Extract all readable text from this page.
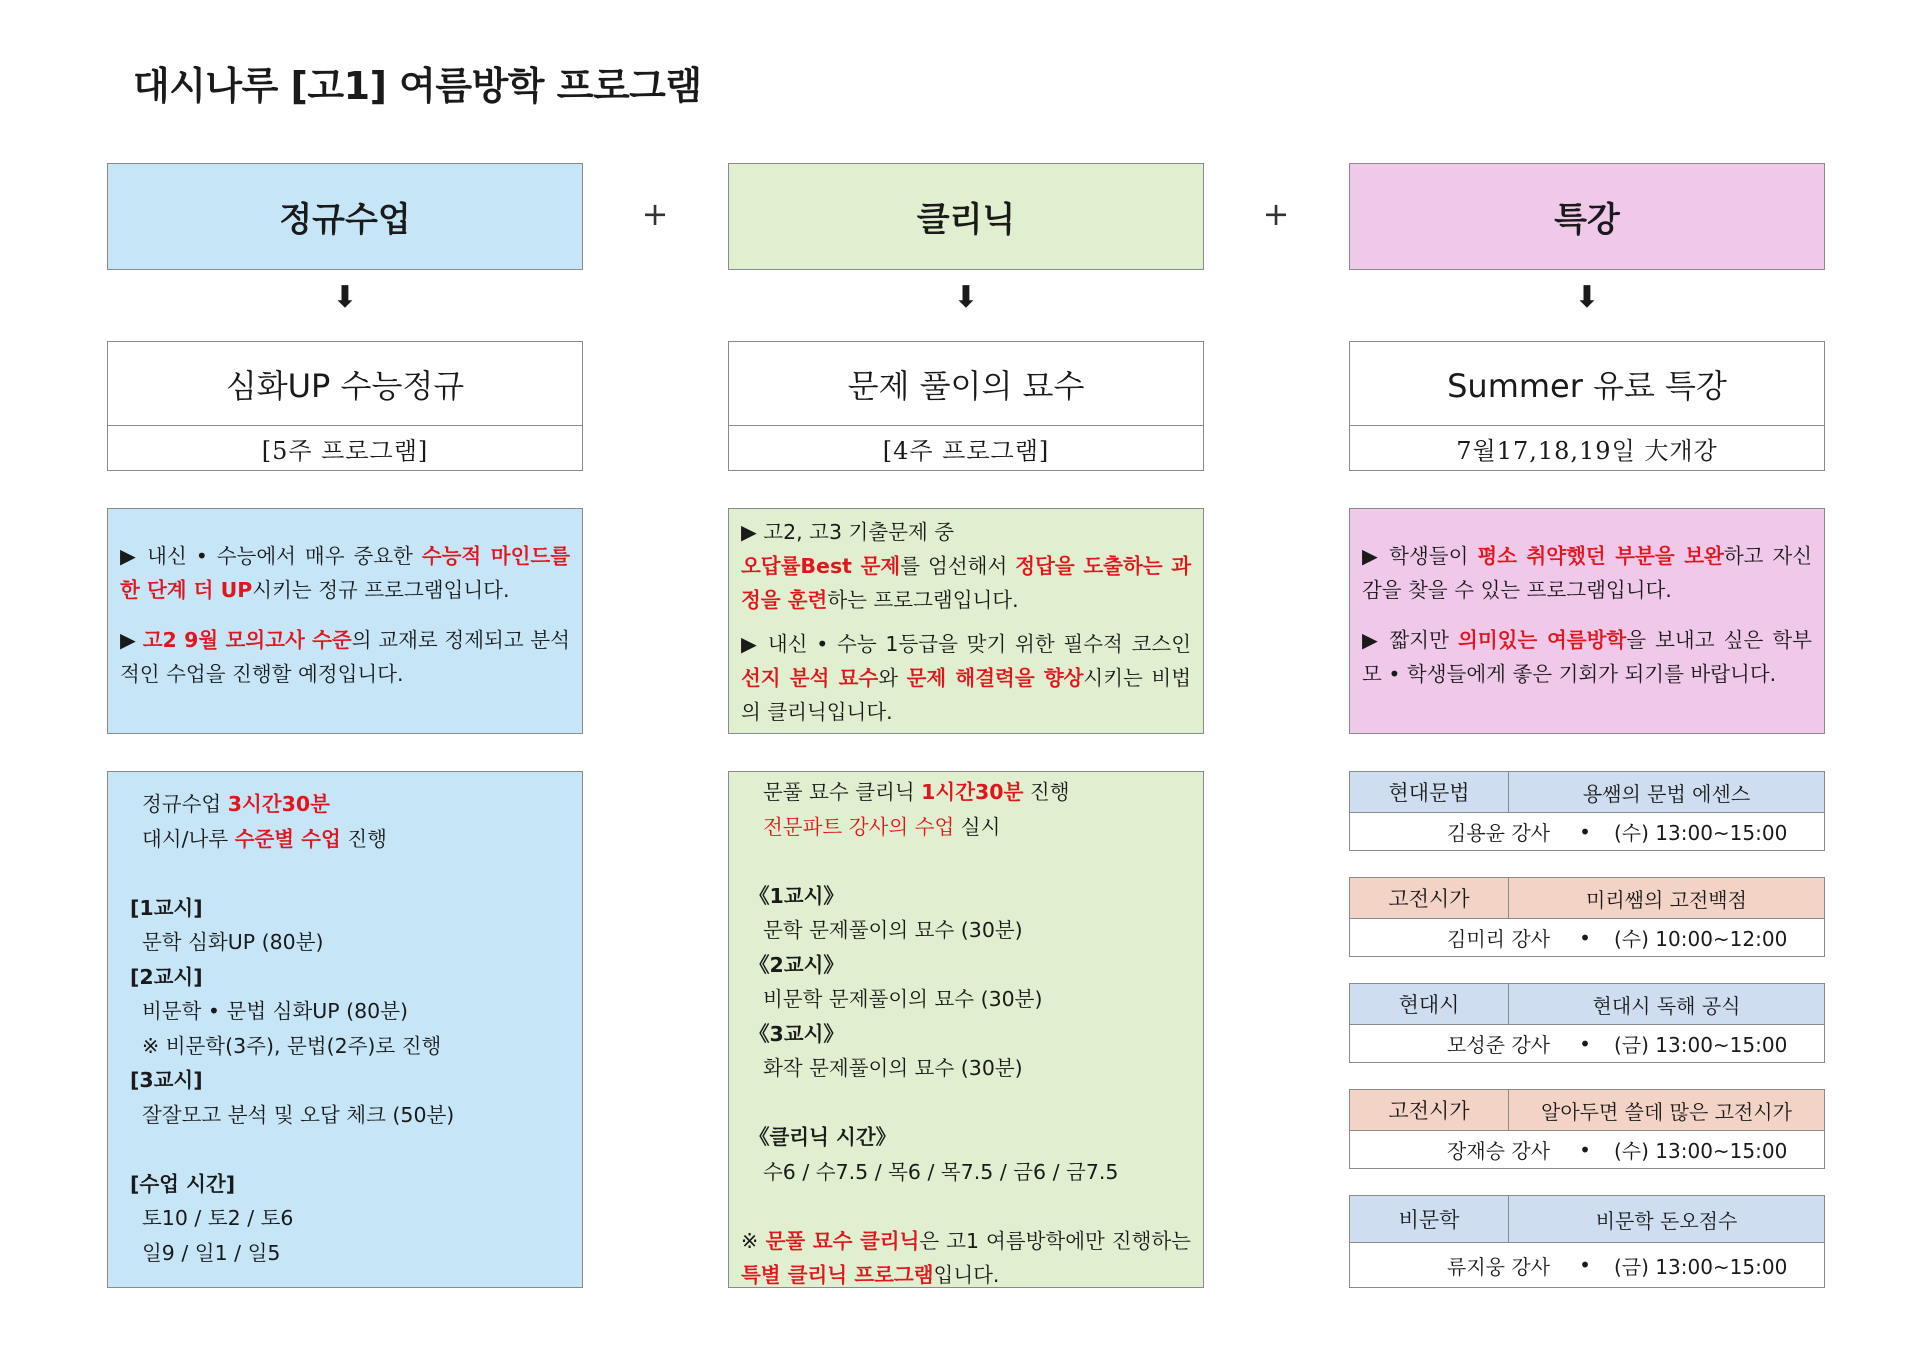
대시나루 [고1] 여름방학 프로그램
정규수업	+	클리닉	+	특강
⬇	⬇	⬇
심화UP 수능정규
[5주 프로그램]
문제 풀이의 묘수
[4주 프로그램]
Summer 유료 특강
7월17,18,19일 大개강

▶ 내신 • 수능에서 매우 중요한 수능적 마인드를 한 단계 더 UP시키는 정규 프로그램입니다.

▶ 고2 9월 모의고사 수준의 교재로 정제되고 분석적인 수업을 진행할 예정입니다.

▶ 고2, 고3 기출문제 중
오답률Best 문제를 엄선해서 정답을 도출하는 과정을 훈련하는 프로그램입니다.

▶ 내신 • 수능 1등급을 맞기 위한 필수적 코스인 선지 분석 묘수와 문제 해결력을 향상시키는 비법의 클리닉입니다.

▶ 학생들이 평소 취약했던 부분을 보완하고 자신감을 찾을 수 있는 프로그램입니다.

▶ 짧지만 의미있는 여름방학을 보내고 싶은 학부모 • 학생들에게 좋은 기회가 되기를 바랍니다.

정규수업 3시간30분
대시/나루 수준별 수업 진행
[1교시]
문학 심화UP (80분)
[2교시]
비문학 • 문법 심화UP (80분)
※ 비문학(3주), 문법(2주)로 진행
[3교시]
잘잘모고 분석 및 오답 체크 (50분)
[수업 시간]
토10 / 토2 / 토6
일9 / 일1 / 일5
문풀 묘수 클리닉 1시간30분 진행
전문파트 강사의 수업 실시
《1교시》
문학 문제풀이의 묘수 (30분)
《2교시》
비문학 문제풀이의 묘수 (30분)
《3교시》
화작 문제풀이의 묘수 (30분)
《클리닉 시간》
수6 / 수7.5 / 목6 / 목7.5 / 금6 / 금7.5
※ 문풀 묘수 클리닉은 고1 여름방학에만 진행하는 특별 클리닉 프로그램입니다.
현대문법	용쌤의 문법 에센스
김용윤 강사	•	(수) 13:00~15:00
고전시가	미리쌤의 고전백점
김미리 강사	•	(수) 10:00~12:00
현대시	현대시 독해 공식
모성준 강사	•	(금) 13:00~15:00
고전시가	알아두면 쓸데 많은 고전시가
장재승 강사	•	(수) 13:00~15:00
비문학	비문학 돈오점수
류지웅 강사	•	(금) 13:00~15:00
